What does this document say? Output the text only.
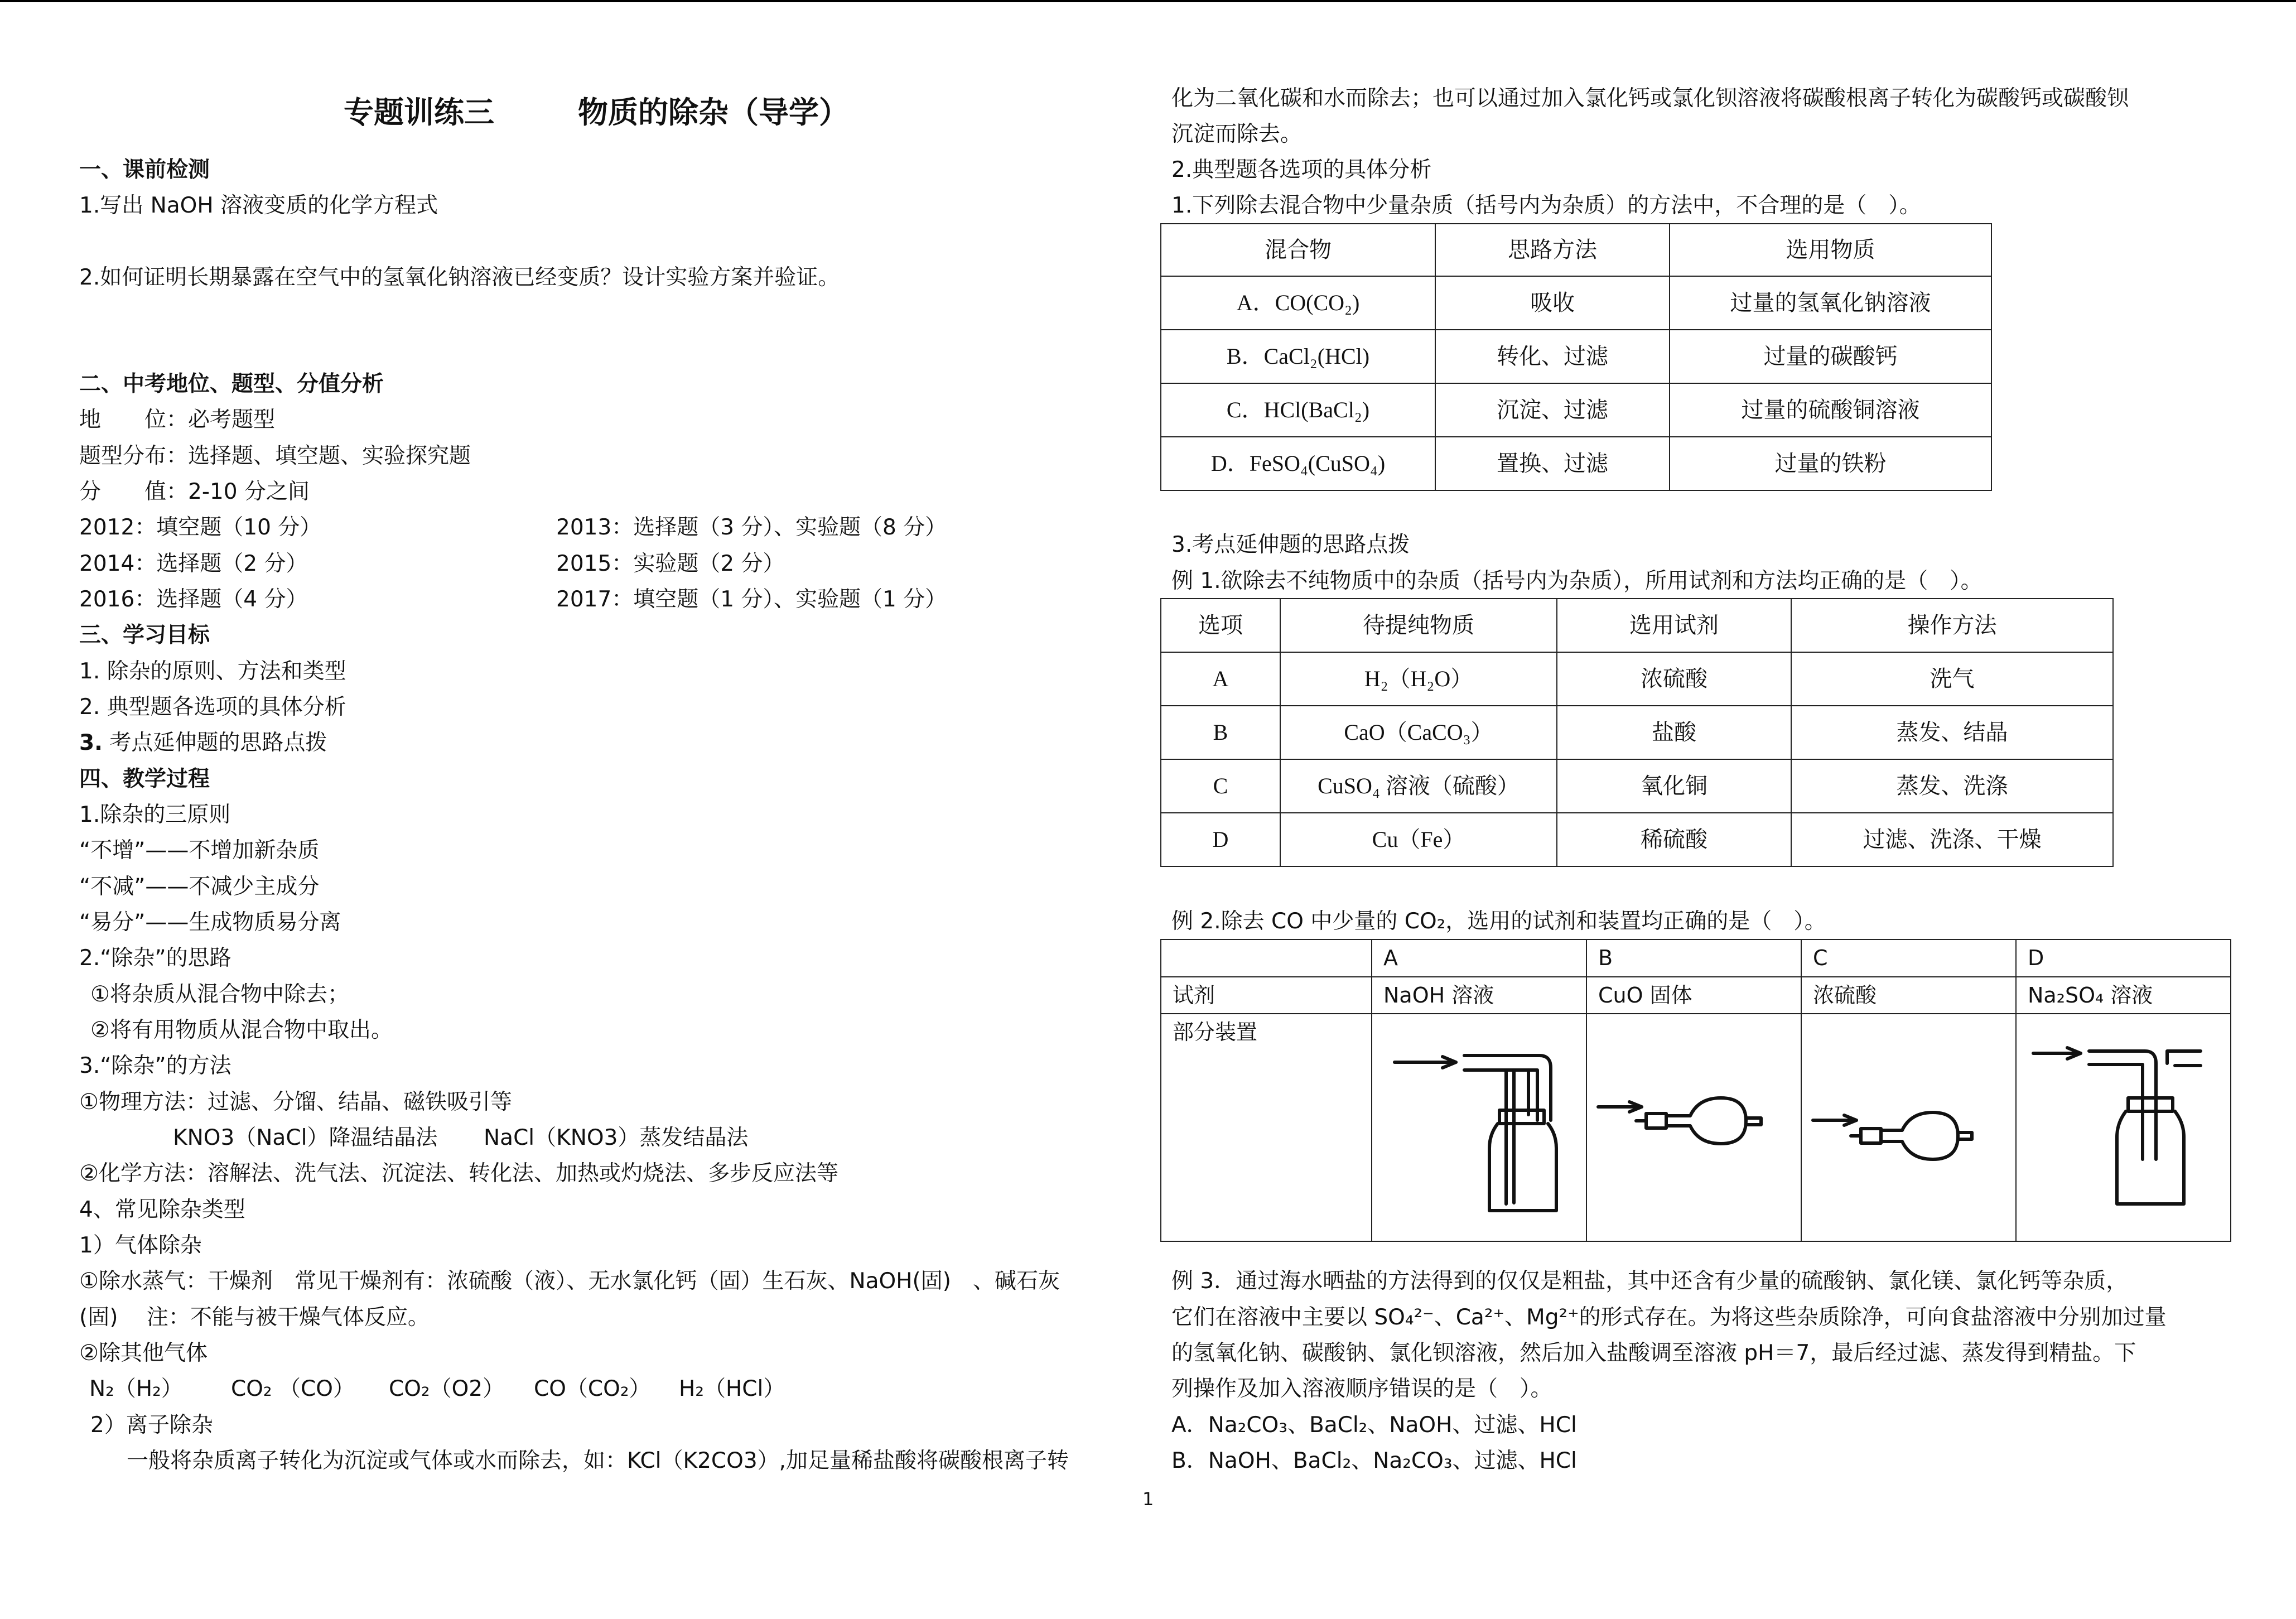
专题训练三	物质的除杂（导学）
一、课前检测
1.写出 NaOH 溶液变质的化学方程式
2.如何证明长期暴露在空气中的氢氧化钠溶液已经变质？设计实验方案并验证。
二、中考地位、题型、分值分析
地　　位：必考题型
题型分布：选择题、填空题、实验探究题
分　　值：2-10 分之间
2012：填空题（10 分）	2013：选择题（3 分）、实验题（8 分）
2014：选择题（2 分）	2015：实验题（2 分）
2016：选择题（4 分）	2017：填空题（1 分）、实验题（1 分）
三、学习目标
1. 除杂的原则、方法和类型
2. 典型题各选项的具体分析
3. 考点延伸题的思路点拨
四、教学过程
1.除杂的三原则
“不增”——不增加新杂质
“不减”——不减少主成分
“易分”——生成物质易分离
2.“除杂”的思路
①将杂质从混合物中除去；
②将有用物质从混合物中取出。
3.“除杂”的方法
①物理方法：过滤、分馏、结晶、磁铁吸引等
KNO3（NaCl）降温结晶法 NaCl（KNO3）蒸发结晶法
②化学方法：溶解法、洗气法、沉淀法、转化法、加热或灼烧法、多步反应法等
4、常见除杂类型
1）气体除杂
①除水蒸气：干燥剂　常见干燥剂有：浓硫酸（液）、无水氯化钙（固）生石灰、NaOH(固)　、碱石灰
(固)　 注：不能与被干燥气体反应。
②除其他气体
N₂（H₂） CO₂ （CO） CO₂（O2） CO（CO₂） H₂（HCl）
2）离子除杂
一般将杂质离子转化为沉淀或气体或水而除去，如：KCl（K2CO3）,加足量稀盐酸将碳酸根离子转
化为二氧化碳和水而除去；也可以通过加入氯化钙或氯化钡溶液将碳酸根离子转化为碳酸钙或碳酸钡
沉淀而除去。
2.典型题各选项的具体分析
1.下列除去混合物中少量杂质（括号内为杂质）的方法中，不合理的是（　）。
混合物	思路方法	选用物质
A．CO(CO₂)	吸收	过量的氢氧化钠溶液
B．CaCl₂(HCl)	转化、过滤	过量的碳酸钙
C．HCl(BaCl₂)	沉淀、过滤	过量的硫酸铜溶液
D．FeSO₄(CuSO₄)	置换、过滤	过量的铁粉
3.考点延伸题的思路点拨
例 1.欲除去不纯物质中的杂质（括号内为杂质），所用试剂和方法均正确的是（　）。
选项	待提纯物质	选用试剂	操作方法
A	H₂（H₂O）	浓硫酸	洗气
B	CaO（CaCO₃）	盐酸	蒸发、结晶
C	CuSO₄ 溶液（硫酸）	氧化铜	蒸发、洗涤
D	Cu（Fe）	稀硫酸	过滤、洗涤、干燥
例 2.除去 CO 中少量的 CO₂，选用的试剂和装置均正确的是（　）。
	A	B	C	D
试剂	NaOH 溶液	CuO 固体	浓硫酸	Na₂SO₄ 溶液
部分装置				
例 3．通过海水晒盐的方法得到的仅仅是粗盐，其中还含有少量的硫酸钠、氯化镁、氯化钙等杂质，
它们在溶液中主要以 SO₄²⁻、Ca²⁺、Mg²⁺的形式存在。为将这些杂质除净，可向食盐溶液中分别加过量
的氢氧化钠、碳酸钠、氯化钡溶液，然后加入盐酸调至溶液 pH＝7，最后经过滤、蒸发得到精盐。下
列操作及加入溶液顺序错误的是（　）。
A．Na₂CO₃、BaCl₂、NaOH、过滤、HCl
B．NaOH、BaCl₂、Na₂CO₃、过滤、HCl
1
